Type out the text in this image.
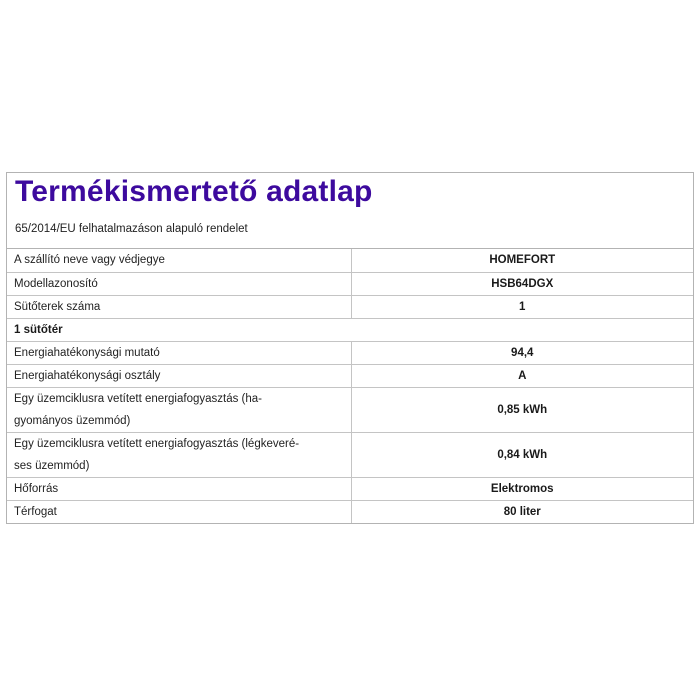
Termékismertető adatlap
65/2014/EU felhatalmazáson alapuló rendelet
A szállító neve vagy védjegye	HOMEFORT
Modellazonosító	HSB64DGX
Sütőterek száma	1
1 sütőtér	
Energiahatékonysági mutató	94,4
Energiahatékonysági osztály	A
Egy üzemciklusra vetített energiafogyasztás (ha-
gyományos üzemmód)	0,85 kWh
Egy üzemciklusra vetített energiafogyasztás (légkeveré-
ses üzemmód)	0,84 kWh
Hőforrás	Elektromos
Térfogat	80 liter
